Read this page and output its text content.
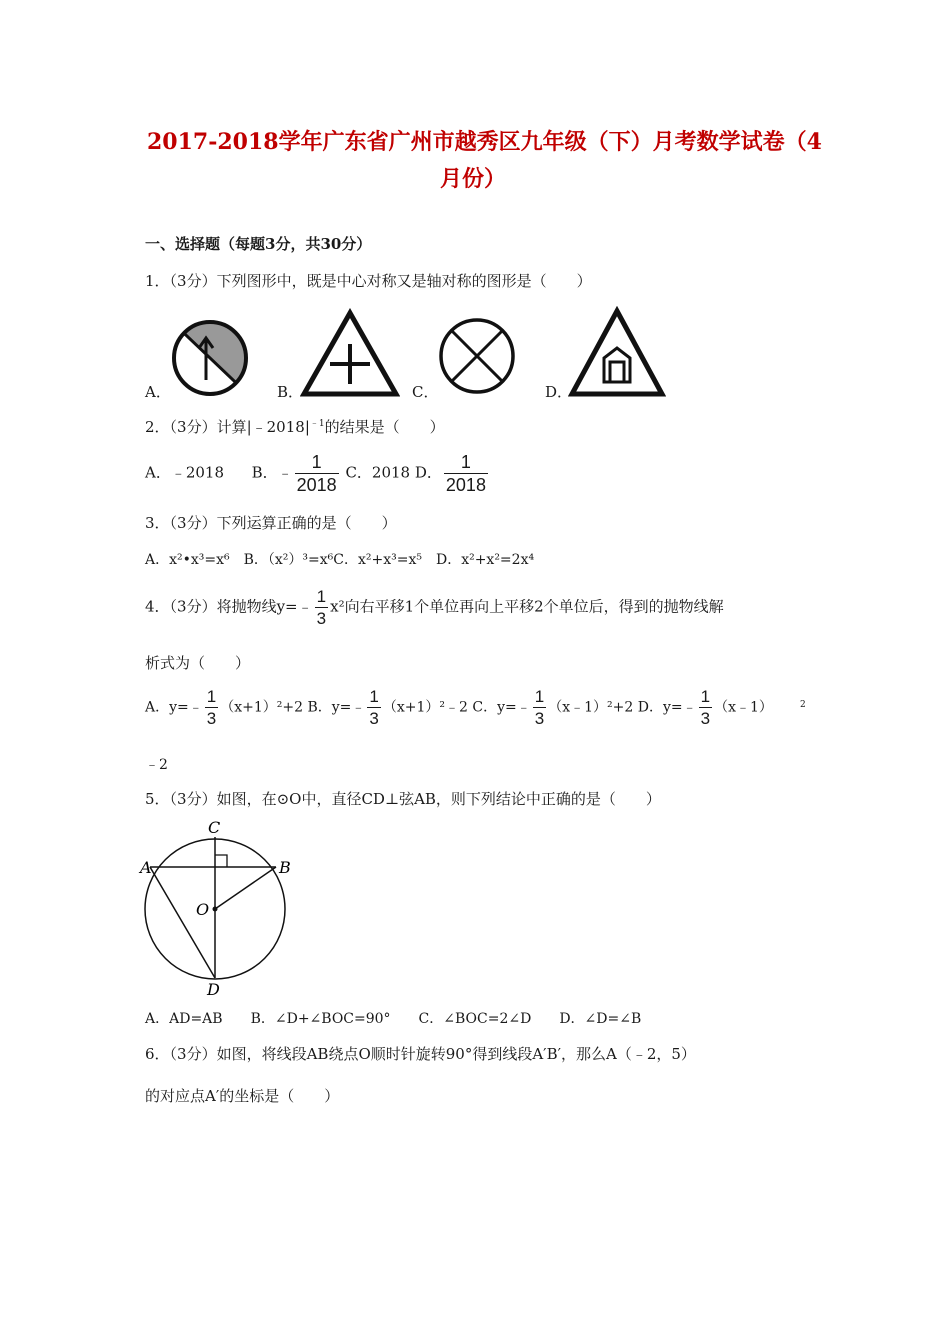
2017-2018学年广东省广州市越秀区九年级（下）月考数学试卷（4
月份）
一、选择题（每题3分，共30分）
1．（3分）下列图形中，既是中心对称又是轴对称的图形是（　　）
A．	B．	C．	D．
2．（3分）计算$|﹣2018|^{﹣1}$的结果是（　　）
A．﹣2018 B．﹣ $\frac{1}{2018}$ C．2018 D． $\frac{1}{2018}$
3．（3分）下列运算正确的是（　　）
A．x²•x³=x⁶　B．（x²）³=x⁶C．x²+x³=x⁵　D．x²+x²=2x⁴
4．（3分）将抛物线y=﹣ $\frac{1}{3} x^2$向右平移1个单位再向上平移2个单位后，得到的抛物线解
析式为（　　）
A．y=﹣ $\frac{1}{3} (x+1)^2+2$ B．y=﹣ $\frac{1}{3}$ （x+1）²﹣2 C．y=﹣ $\frac{1}{3}$ （x﹣1）²+2 D．y=﹣ $\frac{1}{3}$ （x﹣1）	2
﹣2
5．（3分）如图，在⊙O中，直径CD⊥弦AB，则下列结论中正确的是（　　）
C
A	B
O
D
A．AD=AB　　B．∠D+∠BOC=90°　　C．∠BOC=2∠D　　D．∠D=∠B
6．（3分）如图，将线段AB绕点O顺时针旋转90°得到线段A′B′，那么A（﹣2，5）
的对应点A′的坐标是（　　）
